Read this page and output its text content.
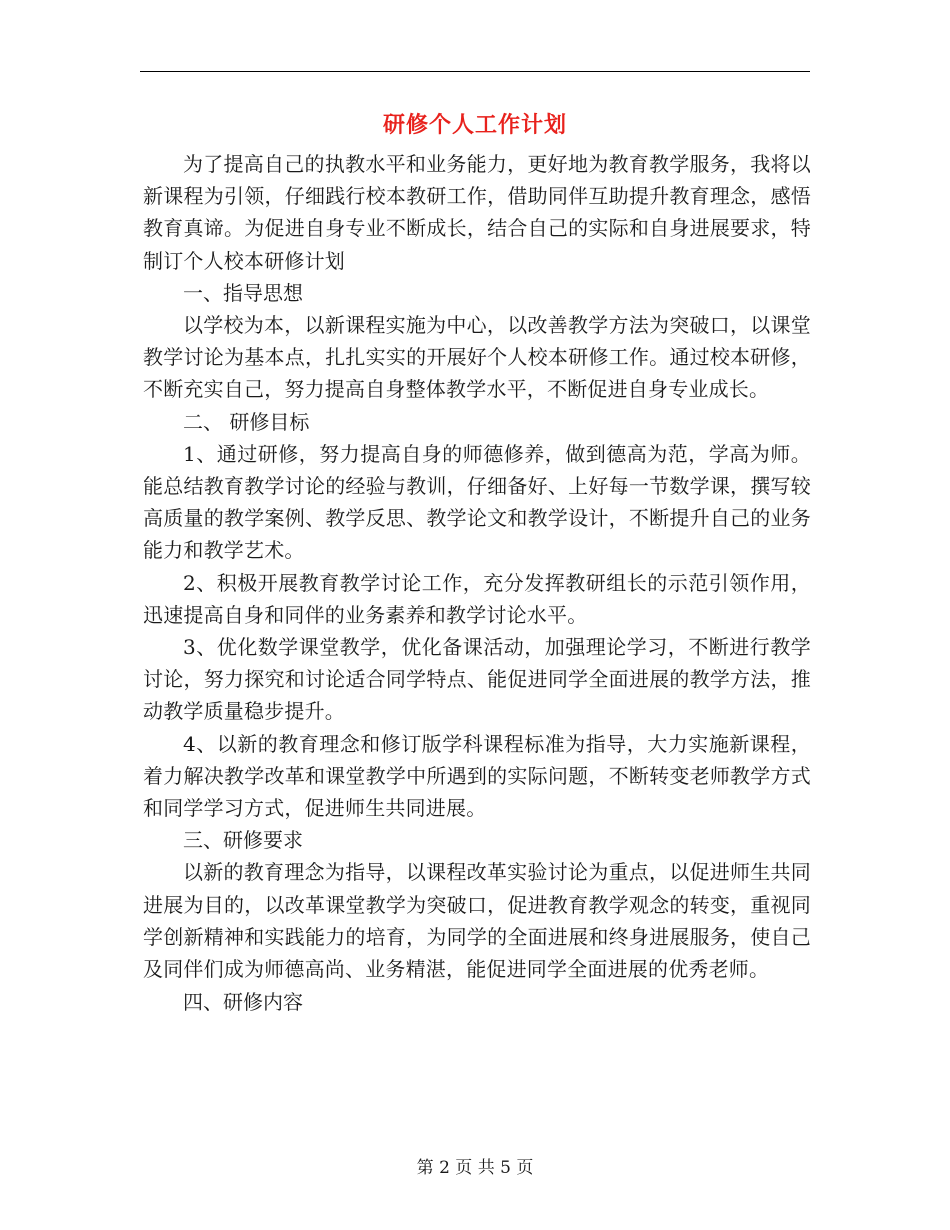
研修个人工作计划

为了提高自己的执教水平和业务能力，更好地为教育教学服务，我将以新课程为引领，仔细践行校本教研工作，借助同伴互助提升教育理念，感悟教育真谛。为促进自身专业不断成长，结合自己的实际和自身进展要求，特制订个人校本研修计划

一、指导思想

以学校为本，以新课程实施为中心，以改善教学方法为突破口，以课堂教学讨论为基本点，扎扎实实的开展好个人校本研修工作。通过校本研修，不断充实自己，努力提高自身整体教学水平，不断促进自身专业成长。

二、 研修目标

1、通过研修，努力提高自身的师德修养，做到德高为范，学高为师。能总结教育教学讨论的经验与教训，仔细备好、上好每一节数学课，撰写较高质量的教学案例、教学反思、教学论文和教学设计，不断提升自己的业务能力和教学艺术。

2、积极开展教育教学讨论工作，充分发挥教研组长的示范引领作用，迅速提高自身和同伴的业务素养和教学讨论水平。

3、优化数学课堂教学，优化备课活动，加强理论学习，不断进行教学讨论，努力探究和讨论适合同学特点、能促进同学全面进展的教学方法，推动教学质量稳步提升。

4、以新的教育理念和修订版学科课程标准为指导，大力实施新课程，着力解决教学改革和课堂教学中所遇到的实际问题，不断转变老师教学方式和同学学习方式，促进师生共同进展。

三、研修要求

以新的教育理念为指导，以课程改革实验讨论为重点，以促进师生共同进展为目的，以改革课堂教学为突破口，促进教育教学观念的转变，重视同学创新精神和实践能力的培育，为同学的全面进展和终身进展服务，使自己及同伴们成为师德高尚、业务精湛，能促进同学全面进展的优秀老师。

四、研修内容

第 2 页 共 5 页
